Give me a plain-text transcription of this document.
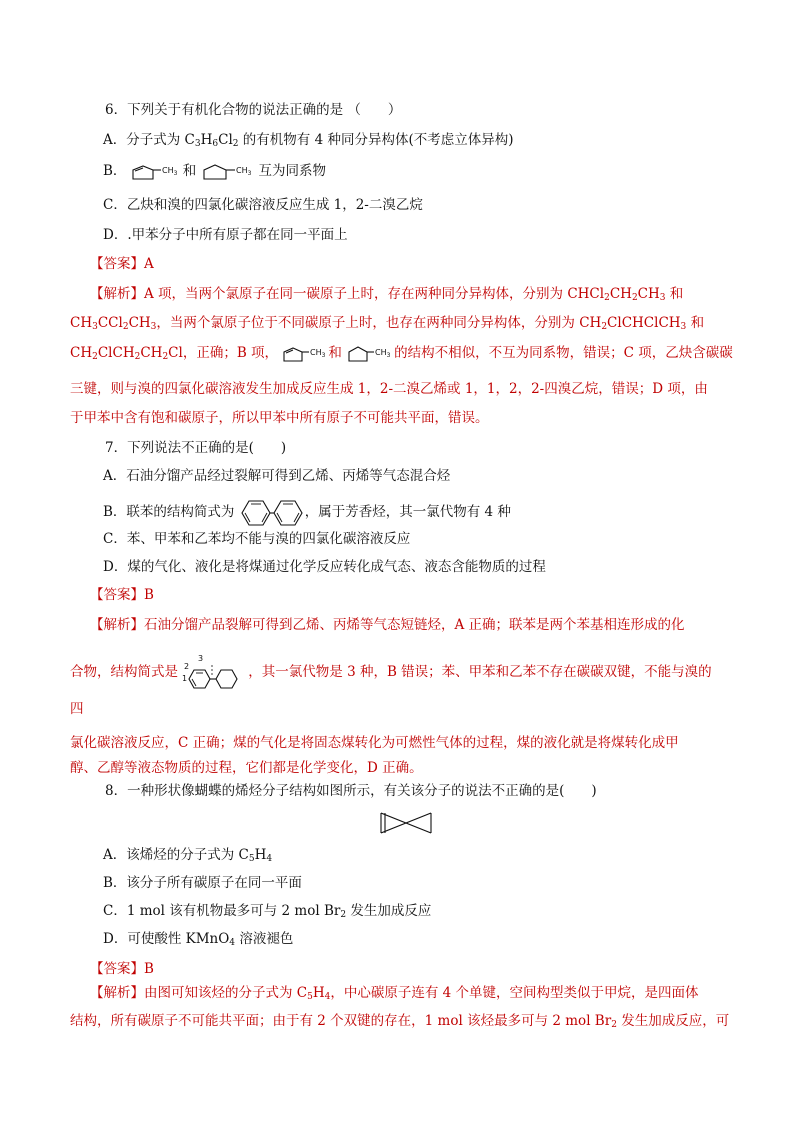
6．下列关于有机化合物的说法正确的是 （　　）
A．分子式为 $C_3H_6Cl_2$ 的有机物有 4 种同分异构体(不考虑立体异构)
B．	$CH_3$ 和	$CH_3$ 互为同系物
C．乙炔和溴的四氯化碳溶液反应生成 1，2-二溴乙烷
D．.甲苯分子中所有原子都在同一平面上
【答案】A
【解析】A 项，当两个氯原子在同一碳原子上时，存在两种同分异构体，分别为 $CHCl_2CH_2CH_3$ 和
$CH_3CCl_2CH_3$，当两个氯原子位于不同碳原子上时，也存在两种同分异构体，分别为 $CH_2ClCHClCH_3$ 和
$CH_2ClCH_2CH_2Cl$，正确；B 项，	$CH_3$ 和	$CH_3$ 的结构不相似，不互为同系物，错误；C 项，乙炔含碳碳
三键，则与溴的四氯化碳溶液发生加成反应生成 1，2-二溴乙烯或 1，1，2，2-四溴乙烷，错误；D 项，由
于甲苯中含有饱和碳原子，所以甲苯中所有原子不可能共平面，错误。
7．下列说法不正确的是(　　)
A．石油分馏产品经过裂解可得到乙烯、丙烯等气态混合烃
B．联苯的结构简式为	，属于芳香烃，其一氯代物有 4 种
C．苯、甲苯和乙苯均不能与溴的四氯化碳溶液反应
D．煤的气化、液化是将煤通过化学反应转化成气态、液态含能物质的过程
【答案】B
【解析】石油分馏产品裂解可得到乙烯、丙烯等气态短链烃，A 正确；联苯是两个苯基相连形成的化
合物，结构简式是 1
2
3
，其一氯代物是 3 种，B 错误；苯、甲苯和乙苯不存在碳碳双键，不能与溴的
四
氯化碳溶液反应，C 正确；煤的气化是将固态煤转化为可燃性气体的过程，煤的液化就是将煤转化成甲
醇、乙醇等液态物质的过程，它们都是化学变化，D 正确。
8．一种形状像蝴蝶的烯烃分子结构如图所示，有关该分子的说法不正确的是(　　)
A．该烯烃的分子式为 $C_5H_4$
B．该分子所有碳原子在同一平面
C．1 mol 该有机物最多可与 2 mol $Br_2$ 发生加成反应
D．可使酸性 KMnO$_4$ 溶液褪色
【答案】B
【解析】由图可知该烃的分子式为 $C_5H_4$，中心碳原子连有 4 个单键，空间构型类似于甲烷，是四面体
结构，所有碳原子不可能共平面；由于有 2 个双键的存在，1 mol 该烃最多可与 2 mol $Br_2$ 发生加成反应，可
